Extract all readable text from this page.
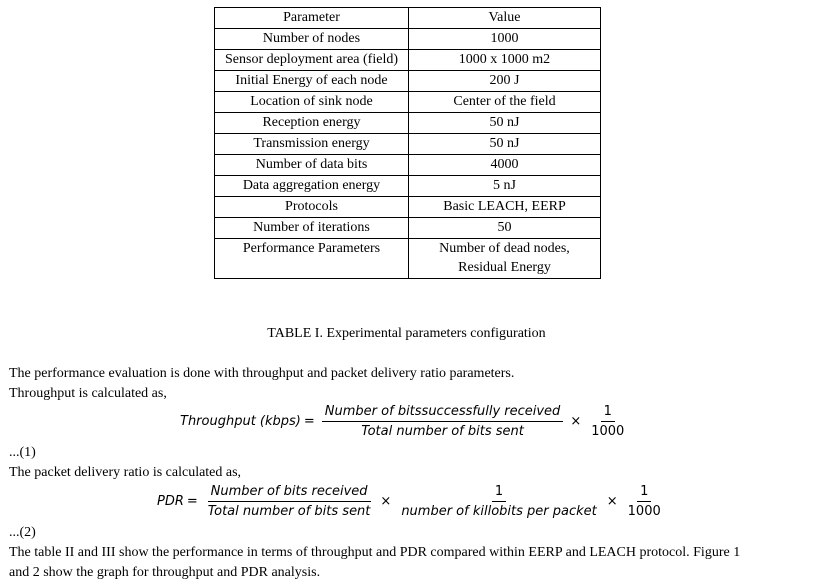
Parameter	Value
Number of nodes	1000
Sensor deployment area (field)	1000 x 1000 m2
Initial Energy of each node	200 J
Location of sink node	Center of the field
Reception energy	50 nJ
Transmission energy	50 nJ
Number of data bits	4000
Data aggregation energy	5 nJ
Protocols	Basic LEACH, EERP
Number of iterations	50
Performance Parameters	Number of dead nodes, Residual Energy
TABLE I. Experimental parameters configuration
The performance evaluation is done with throughput and packet delivery ratio parameters.
Throughput is calculated as,
Throughput (kbps) = $\frac{\text{Number of bitssuccessfully received}}{\text{Total number of bits sent}} \times \frac{1}{1000}$
...(1)
The packet delivery ratio is calculated as,
PDR = $\frac{\text{Number of bits received}}{\text{Total number of bits sent}} \times \frac{1}{\text{number of killobits per packet}} \times \frac{1}{1000}$
...(2)
The table II and III show the performance in terms of throughput and PDR compared within EERP and LEACH protocol. Figure 1
and 2 show the graph for throughput and PDR analysis.
